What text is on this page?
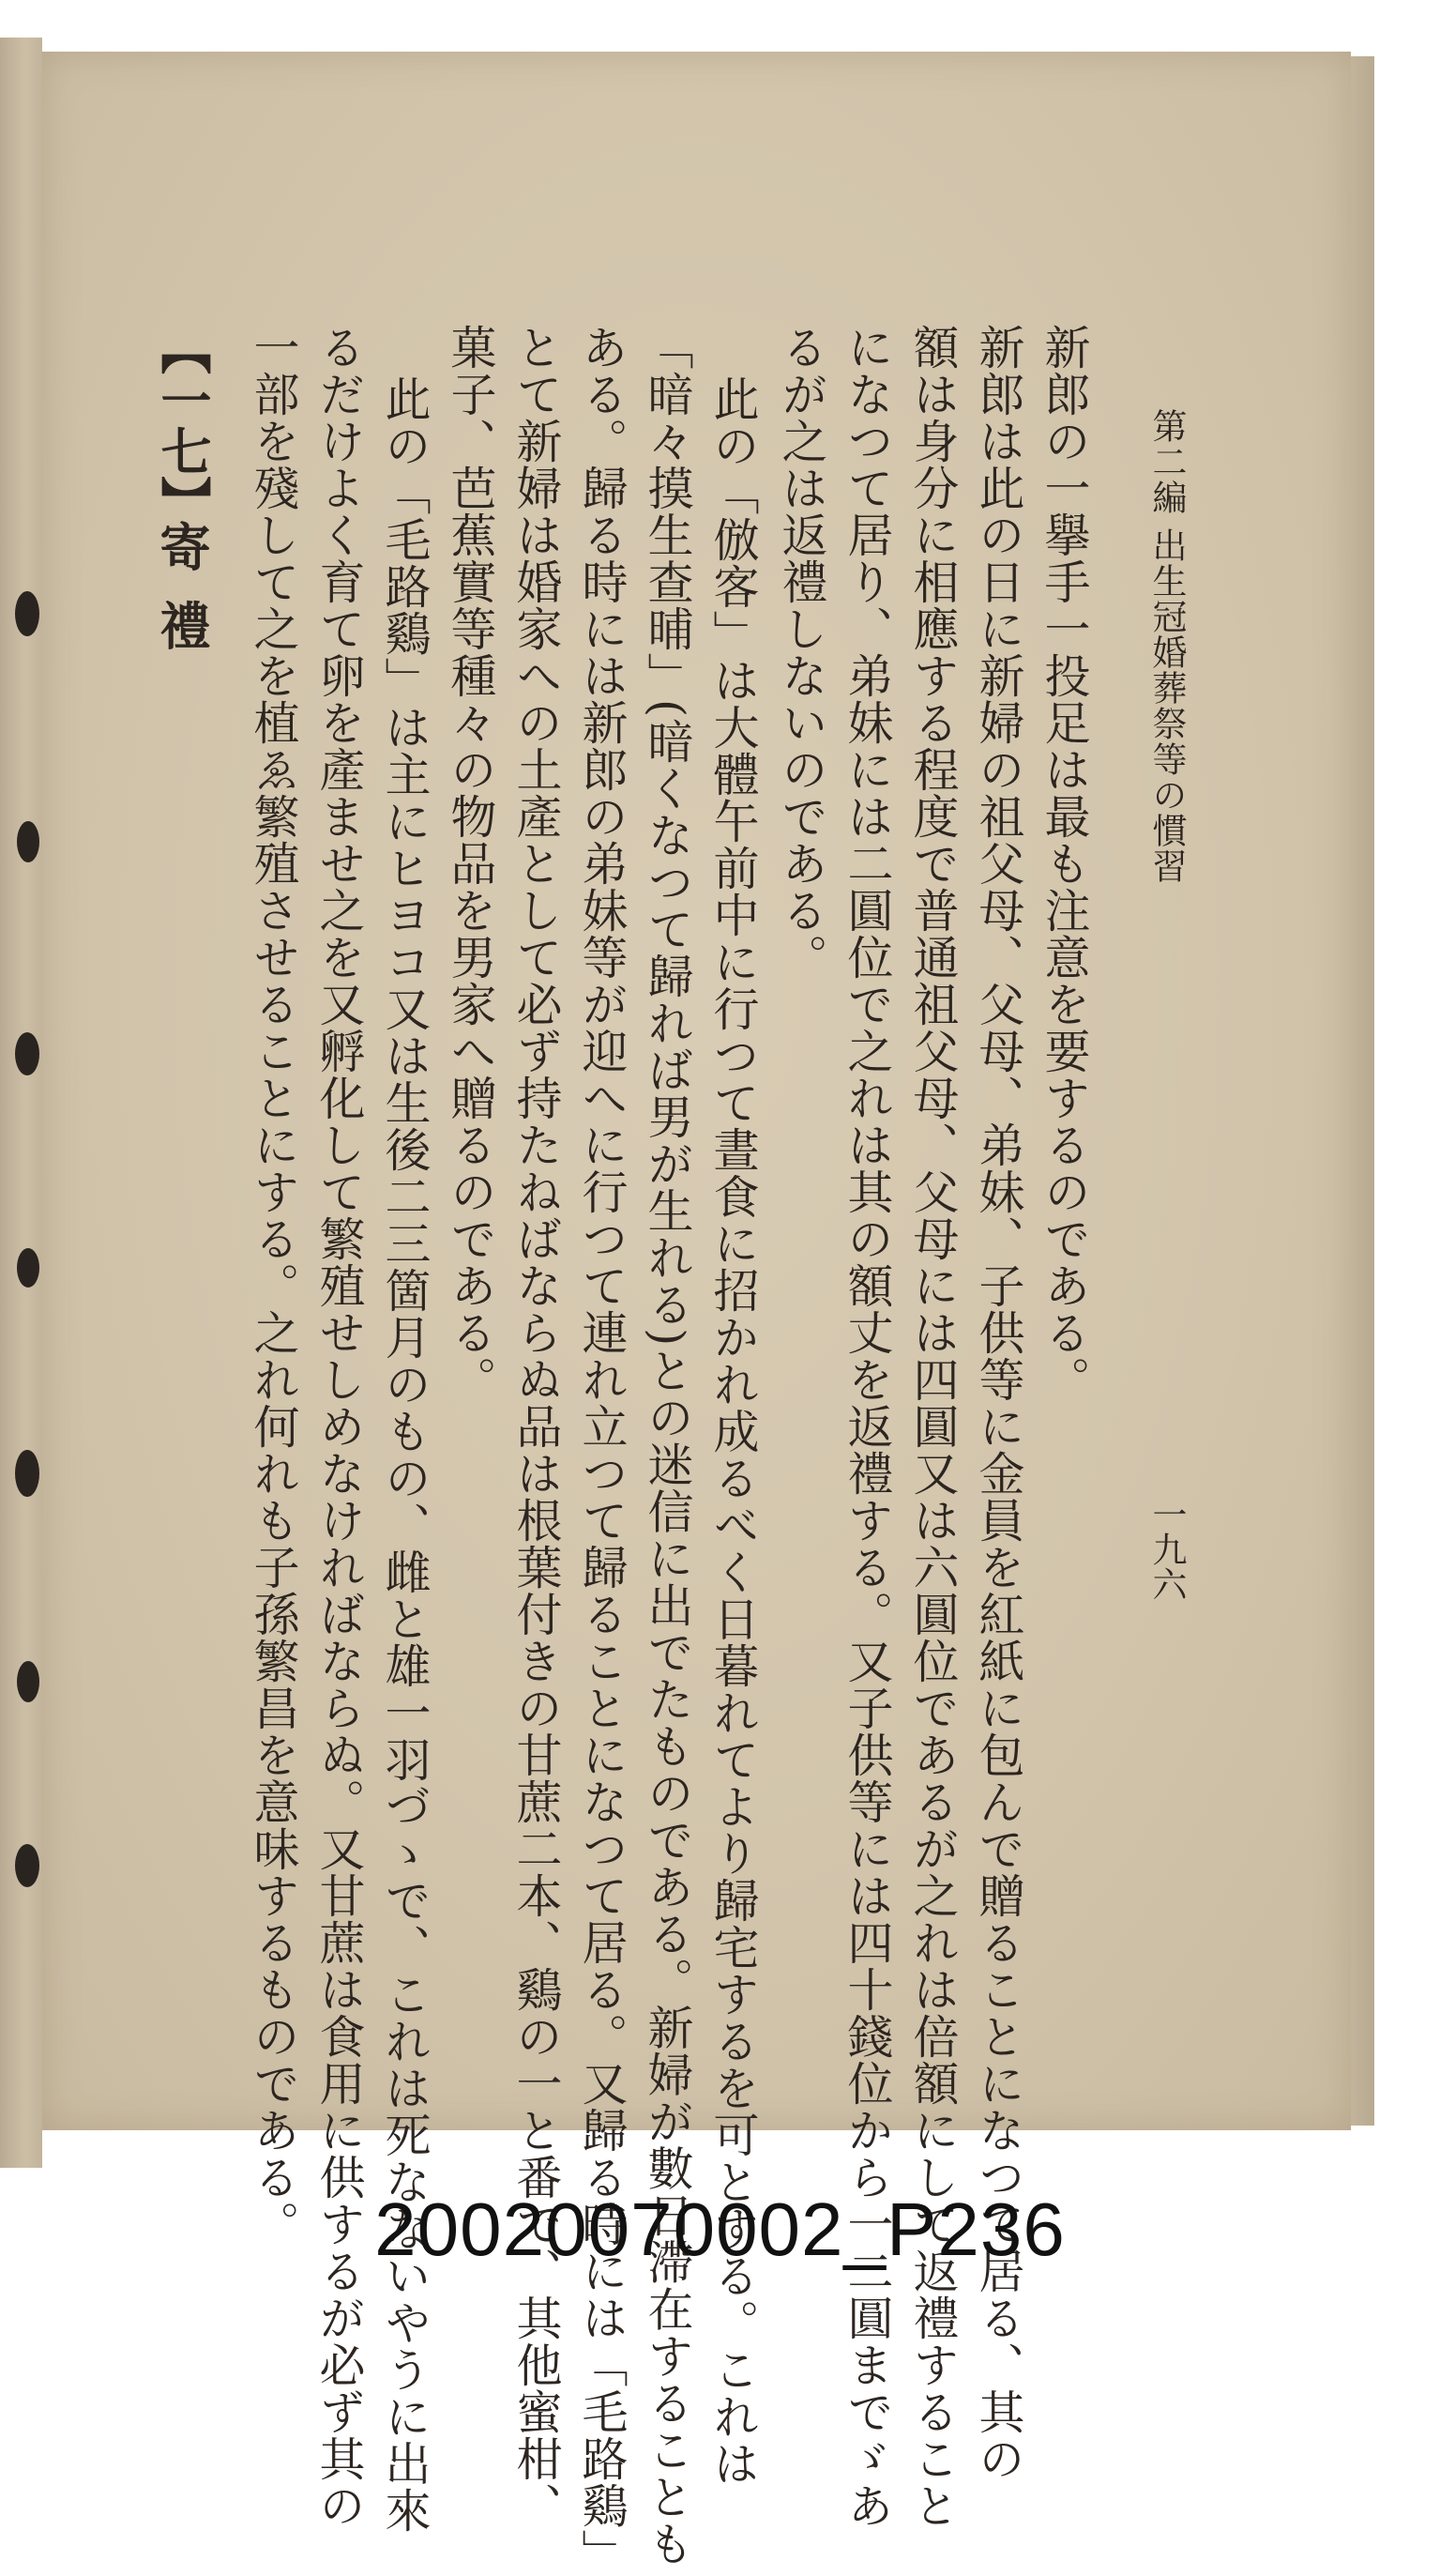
第二編 出生冠婚葬祭等の慣習
一九六
新郎の一擧手一投足は最も注意を要するのである。
新郎は此の日に新婦の祖父母、父母、弟妹、子供等に金員を紅紙に包んで贈ることになつて居る、其の
額は身分に相應する程度で普通祖父母、父母には四圓又は六圓位であるが之れは倍額にして返禮すること
になつて居り、弟妹には二圓位で之れは其の額丈を返禮する。又子供等には四十錢位から一二圓までゞあ
るが之は返禮しないのである。
此の「倣客」は大體午前中に行つて晝食に招かれ成るべく日暮れてより歸宅するを可とする。これは
「暗々摸生查晡」(暗くなつて歸れば男が生れる)との迷信に出でたものである。新婦が數日滯在することも
ある。歸る時には新郎の弟妹等が迎へに行つて連れ立つて歸ることになつて居る。又歸る時には「毛路鷄」
とて新婦は婚家への土產として必ず持たねばならぬ品は根葉付きの甘蔗二本、鷄の一と番で、其他蜜柑、
菓子、芭蕉實等種々の物品を男家へ贈るのである。
此の「毛路鷄」は主にヒヨコ又は生後二三箇月のもの、雌と雄一羽づゝで、これは死なないやうに出來
るだけよく育て卵を產ませ之を又孵化して繁殖せしめなければならぬ。又甘蔗は食用に供するが必ず其の
一部を殘して之を植ゑ繁殖させることにする。之れ何れも子孫繁昌を意味するものである。
【一七】
寄禮
20020070002_P236
